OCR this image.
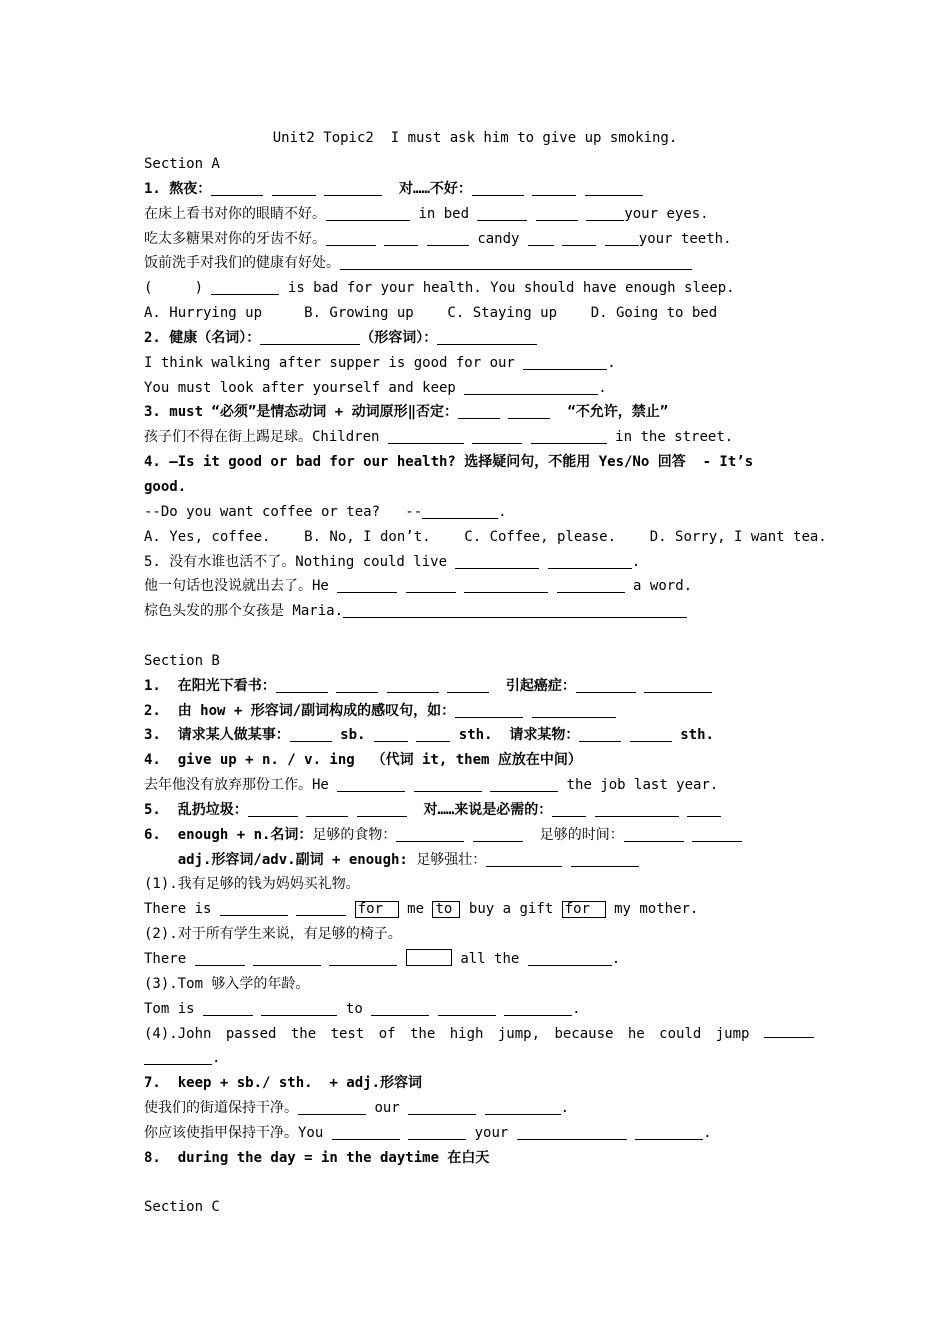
Unit2 Topic2  I must ask him to give up smoking.
Section A
1. 熬夜：	对……不好：
在床上看书对你的眼睛不好。	in bed	your eyes.
吃太多糖果对你的牙齿不好。	candy	your teeth.
饭前洗手对我们的健康有好处。
(     )	is bad for your health. You should have enough sleep.
A. Hurrying up     B. Growing up    C. Staying up    D. Going to bed
2. 健康（名词）：	（形容词）：
I think walking after supper is good for our	.
You must look after yourself and keep	.
3. must “必须”是情态动词 + 动词原形‖否定：	“不允许，禁止”
孩子们不得在街上踢足球。Children	in the street.
4. —Is it good or bad for our health? 选择疑问句，不能用 Yes/No 回答  - It’s
good.
--Do you want coffee or tea?   --	.
A. Yes, coffee.    B. No, I don’t.    C. Coffee, please.    D. Sorry, I want tea.
5. 没有水谁也活不了。Nothing could live	.
他一句话也没说就出去了。He	a word.
棕色头发的那个女孩是 Maria.
Section B
1.  在阳光下看书：	引起癌症：
2.  由 how + 形容词/副词构成的感叹句，如：
3.  请求某人做某事：	sb.	sth.  请求某物：	sth.
4.  give up + n. / v. ing  （代词 it, them 应放在中间）
去年他没有放弃那份工作。He	the job last year.
5.  乱扔垃圾：	对……来说是必需的：
6.  enough + n.名词：足够的食物：	足够的时间：
adj.形容词/adv.副词 + enough: 足够强壮：
(1).我有足够的钱为妈妈买礼物。
There is	for me to buy a gift for my mother.
(2).对于所有学生来说，有足够的椅子。
There	all the	.
(3).Tom 够入学的年龄。
Tom is	to	.
(4).John passed the test of the high jump, because he could jump
.
7.  keep + sb./ sth.  + adj.形容词
使我们的街道保持干净。	our	.
你应该使指甲保持干净。You	your	.
8.  during the day = in the daytime 在白天
Section C
